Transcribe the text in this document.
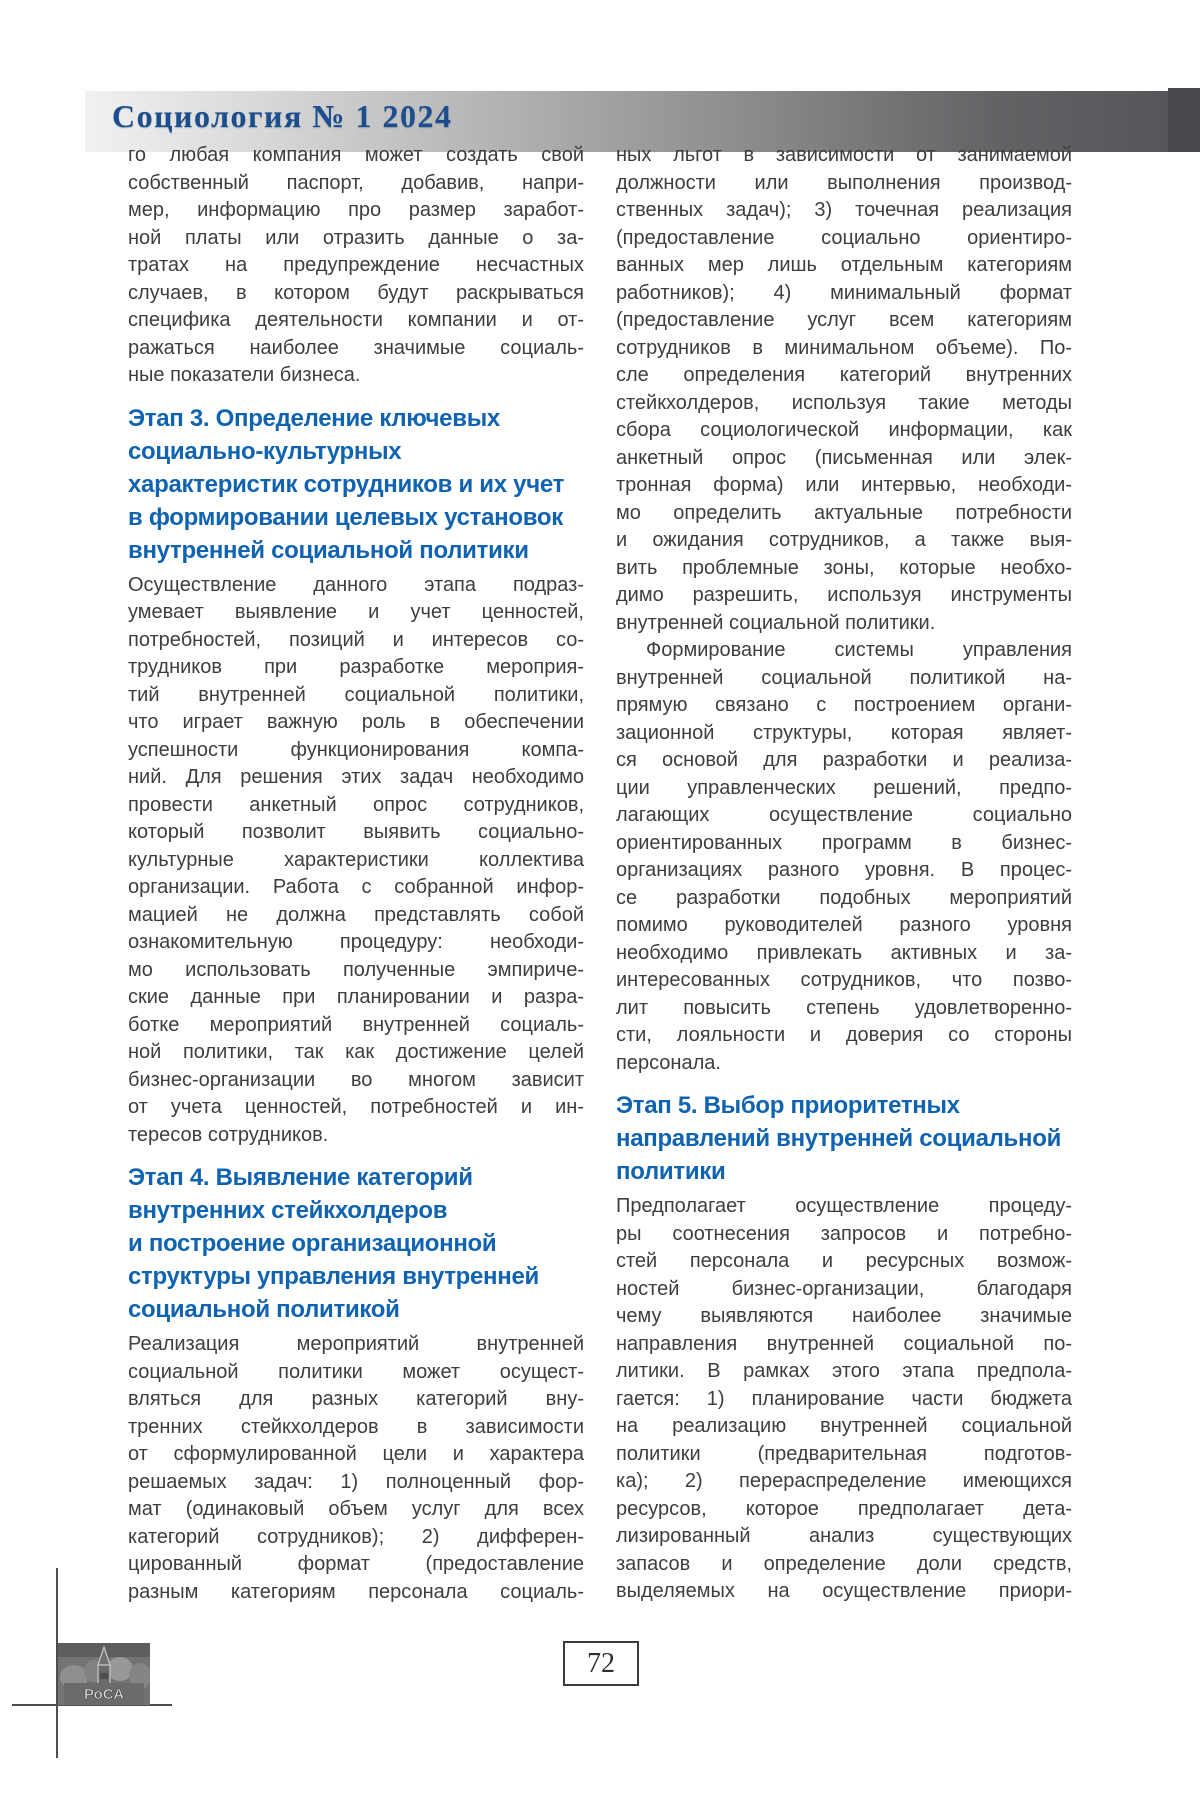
Социология № 1 2024
го любая компания может создать свой
собственный паспорт, добавив, напри-
мер, информацию про размер заработ-
ной платы или отразить данные о за-
тратах на предупреждение несчастных
случаев, в котором будут раскрываться
специфика деятельности компании и от-
ражаться наиболее значимые социаль-
ные показатели бизнеса.
Этап 3. Определение ключевых
социально-культурных
характеристик сотрудников и их учет
в формировании целевых установок
внутренней социальной политики
Осуществление данного этапа подраз-
умевает выявление и учет ценностей,
потребностей, позиций и интересов со-
трудников при разработке мероприя-
тий внутренней социальной политики,
что играет важную роль в обеспечении
успешности функционирования компа-
ний. Для решения этих задач необходимо
провести анкетный опрос сотрудников,
который позволит выявить социально-
культурные характеристики коллектива
организации. Работа с собранной инфор-
мацией не должна представлять собой
ознакомительную процедуру: необходи-
мо использовать полученные эмпириче-
ские данные при планировании и разра-
ботке мероприятий внутренней социаль-
ной политики, так как достижение целей
бизнес-организации во многом зависит
от учета ценностей, потребностей и ин-
тересов сотрудников.
Этап 4. Выявление категорий
внутренних стейкхолдеров
и построение организационной
структуры управления внутренней
социальной политикой
Реализация мероприятий внутренней
социальной политики может осущест-
вляться для разных категорий вну-
тренних стейкхолдеров в зависимости
от сформулированной цели и характера
решаемых задач: 1) полноценный фор-
мат (одинаковый объем услуг для всех
категорий сотрудников); 2) дифферен-
цированный формат (предоставление
разным категориям персонала социаль-
ных льгот в зависимости от занимаемой
должности или выполнения производ-
ственных задач); 3) точечная реализация
(предоставление социально ориентиро-
ванных мер лишь отдельным категориям
работников); 4) минимальный формат
(предоставление услуг всем категориям
сотрудников в минимальном объеме). По-
сле определения категорий внутренних
стейкхолдеров, используя такие методы
сбора социологической информации, как
анкетный опрос (письменная или элек-
тронная форма) или интервью, необходи-
мо определить актуальные потребности
и ожидания сотрудников, а также выя-
вить проблемные зоны, которые необхо-
димо разрешить, используя инструменты
внутренней социальной политики.
Формирование системы управления
внутренней социальной политикой на-
прямую связано с построением органи-
зационной структуры, которая являет-
ся основой для разработки и реализа-
ции управленческих решений, предпо-
лагающих осуществление социально
ориентированных программ в бизнес-
организациях разного уровня. В процес-
се разработки подобных мероприятий
помимо руководителей разного уровня
необходимо привлекать активных и за-
интересованных сотрудников, что позво-
лит повысить степень удовлетворенно-
сти, лояльности и доверия со стороны
персонала.
Этап 5. Выбор приоритетных
направлений внутренней социальной
политики
Предполагает осуществление процеду-
ры соотнесения запросов и потребно-
стей персонала и ресурсных возмож-
ностей бизнес-организации, благодаря
чему выявляются наиболее значимые
направления внутренней социальной по-
литики. В рамках этого этапа предпола-
гается: 1) планирование части бюджета
на реализацию внутренней социальной
политики (предварительная подготов-
ка); 2) перераспределение имеющихся
ресурсов, которое предполагает дета-
лизированный анализ существующих
запасов и определение доли средств,
выделяемых на осуществление приори-
РоСА
72
